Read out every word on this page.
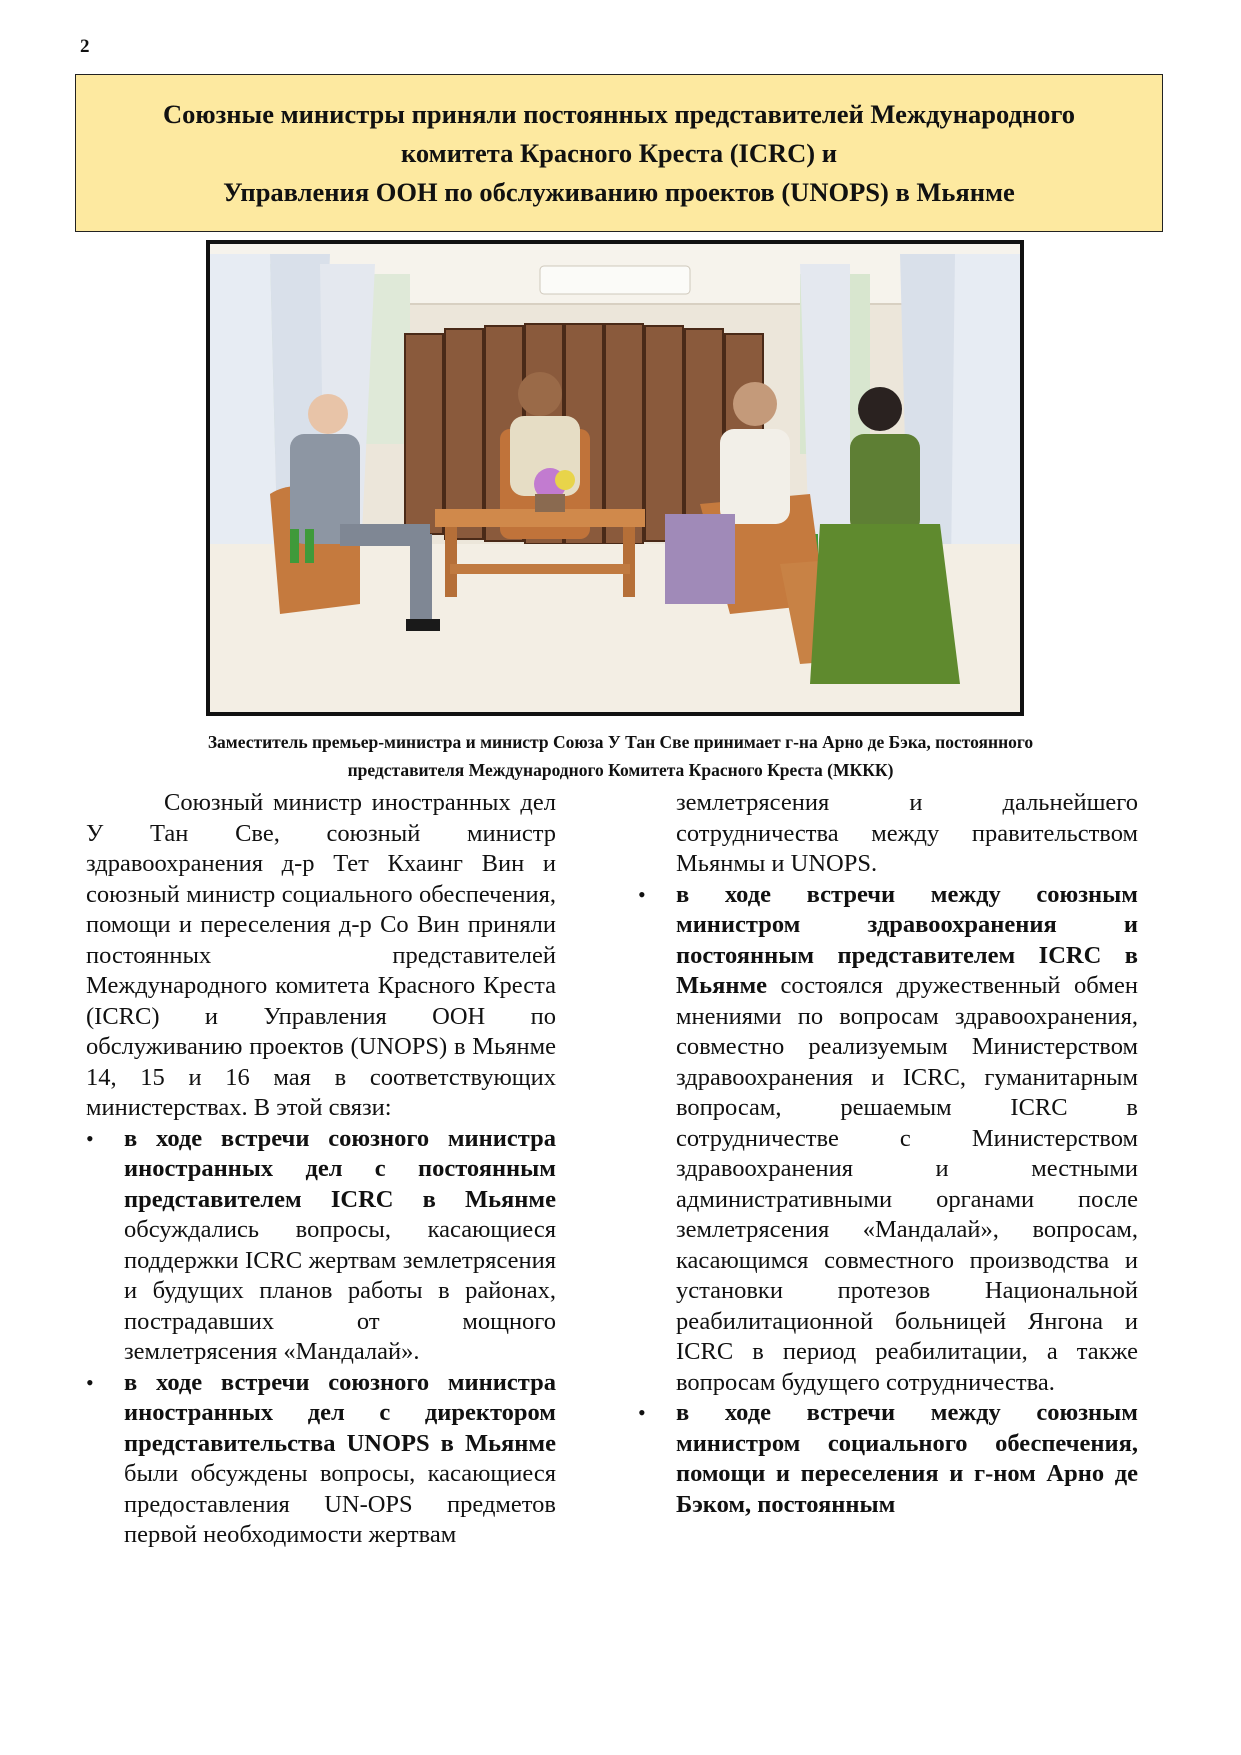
2
Союзные министры приняли постоянных представителей Международного
комитета Красного Креста (ICRC) и
Управления ООН по обслуживанию проектов (UNOPS) в Мьянме
Заместитель премьер-министра и министр Союза У Тан Све принимает г-на Арно де Бэка, постоянного
представителя Международного Комитета Красного Креста (МККК)

Союзный министр иностранных дел У Тан Све, союзный министр здравоохранения д-р Тет Кхаинг Вин и союзный министр социального обеспечения, помощи и переселения д-р Со Вин приняли постоянных представителей Международного комитета Красного Креста (ICRC) и Управления ООН по обслуживанию проектов (UNOPS) в Мьянме 14, 15 и 16 мая в соответствующих министерствах. В этой связи:

•	в ходе встречи союзного министра иностранных дел с постоянным представителем ICRC в Мьянме обсуждались вопросы, касающиеся поддержки ICRC жертвам землетрясения и будущих планов работы в районах, пострадавших от мощного землетрясения «Мандалай».
•	в ходе встречи союзного министра иностранных дел с директором представительства UNOPS в Мьянме были обсуждены вопросы, касающиеся предоставления UN-OPS предметов первой необходимости жертвам
землетрясения и дальнейшего сотрудничества между правительством Мьянмы и UNOPS.
•	в ходе встречи между союзным министром здравоохранения и постоянным представителем ICRC в Мьянме состоялся дружественный обмен мнениями по вопросам здравоохранения, совместно реализуемым Министерством здравоохранения и ICRC, гуманитарным вопросам, решаемым ICRC в сотрудничестве с Министерством здравоохранения и местными административными органами после землетрясения «Мандалай», вопросам, касающимся совместного производства и установки протезов Национальной реабилитационной больницей Янгона и ICRC в период реабилитации, а также вопросам будущего сотрудничества.
•	в ходе встречи между союзным министром социального обеспечения, помощи и переселения и г-ном Арно де Бэком, постоянным
